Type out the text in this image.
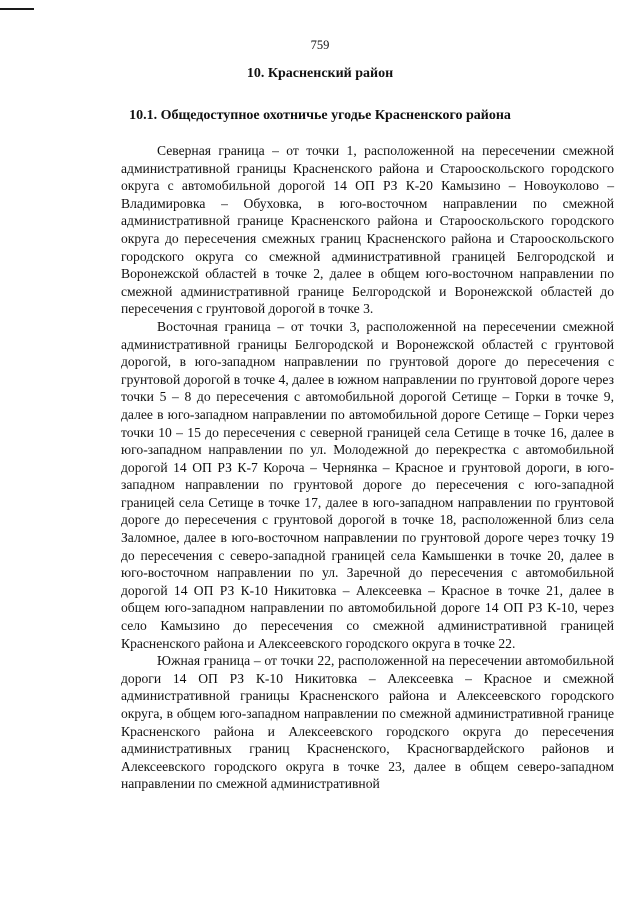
759
10. Красненский район
10.1. Общедоступное охотничье угодье Красненского района

Северная граница – от точки 1, расположенной на пересечении смежной административной границы Красненского района и Старооскольского городского округа с автомобильной дорогой 14 ОП РЗ К-20 Камызино – Новоуколово – Владимировка – Обуховка, в юго-восточном направлении по смежной административной границе Красненского района и Старооскольского городского округа до пересечения смежных границ Красненского района и Старооскольского городского округа со смежной административной границей Белгородской и Воронежской областей в точке 2, далее в общем юго-восточном направлении по смежной административной границе Белгородской и Воронежской областей до пересечения с грунтовой дорогой в точке 3.

Восточная граница – от точки 3, расположенной на пересечении смежной административной границы Белгородской и Воронежской областей с грунтовой дорогой, в юго-западном направлении по грунтовой дороге до пересечения с грунтовой дорогой в точке 4, далее в южном направлении по грунтовой дороге через точки 5 – 8 до пересечения с автомобильной дорогой Сетище – Горки в точке 9, далее в юго-западном направлении по автомобильной дороге Сетище – Горки через точки 10 – 15 до пересечения с северной границей села Сетище в точке 16, далее в юго-западном направлении по ул. Молодежной до перекрестка с автомобильной дорогой 14 ОП РЗ К-7 Короча – Чернянка – Красное и грунтовой дороги, в юго-западном направлении по грунтовой дороге до пересечения с юго-западной границей села Сетище в точке 17, далее в юго-западном направлении по грунтовой дороге до пересечения с грунтовой дорогой в точке 18, расположенной близ села Заломное, далее в юго-восточном направлении по грунтовой дороге через точку 19 до пересечения с северо-западной границей села Камышенки в точке 20, далее в юго-восточном направлении по ул. Заречной до пересечения с автомобильной дорогой 14 ОП РЗ К-10 Никитовка – Алексеевка – Красное в точке 21, далее в общем юго-западном направлении по автомобильной дороге 14 ОП РЗ К-10, через село Камызино до пересечения со смежной административной границей Красненского района и Алексеевского городского округа в точке 22.

Южная граница – от точки 22, расположенной на пересечении автомобильной дороги 14 ОП РЗ К-10 Никитовка – Алексеевка – Красное и смежной административной границы Красненского района и Алексеевского городского округа, в общем юго-западном направлении по смежной административной границе Красненского района и Алексеевского городского округа до пересечения административных границ Красненского, Красногвардейского районов и Алексеевского городского округа в точке 23, далее в общем северо-западном направлении по смежной административной
